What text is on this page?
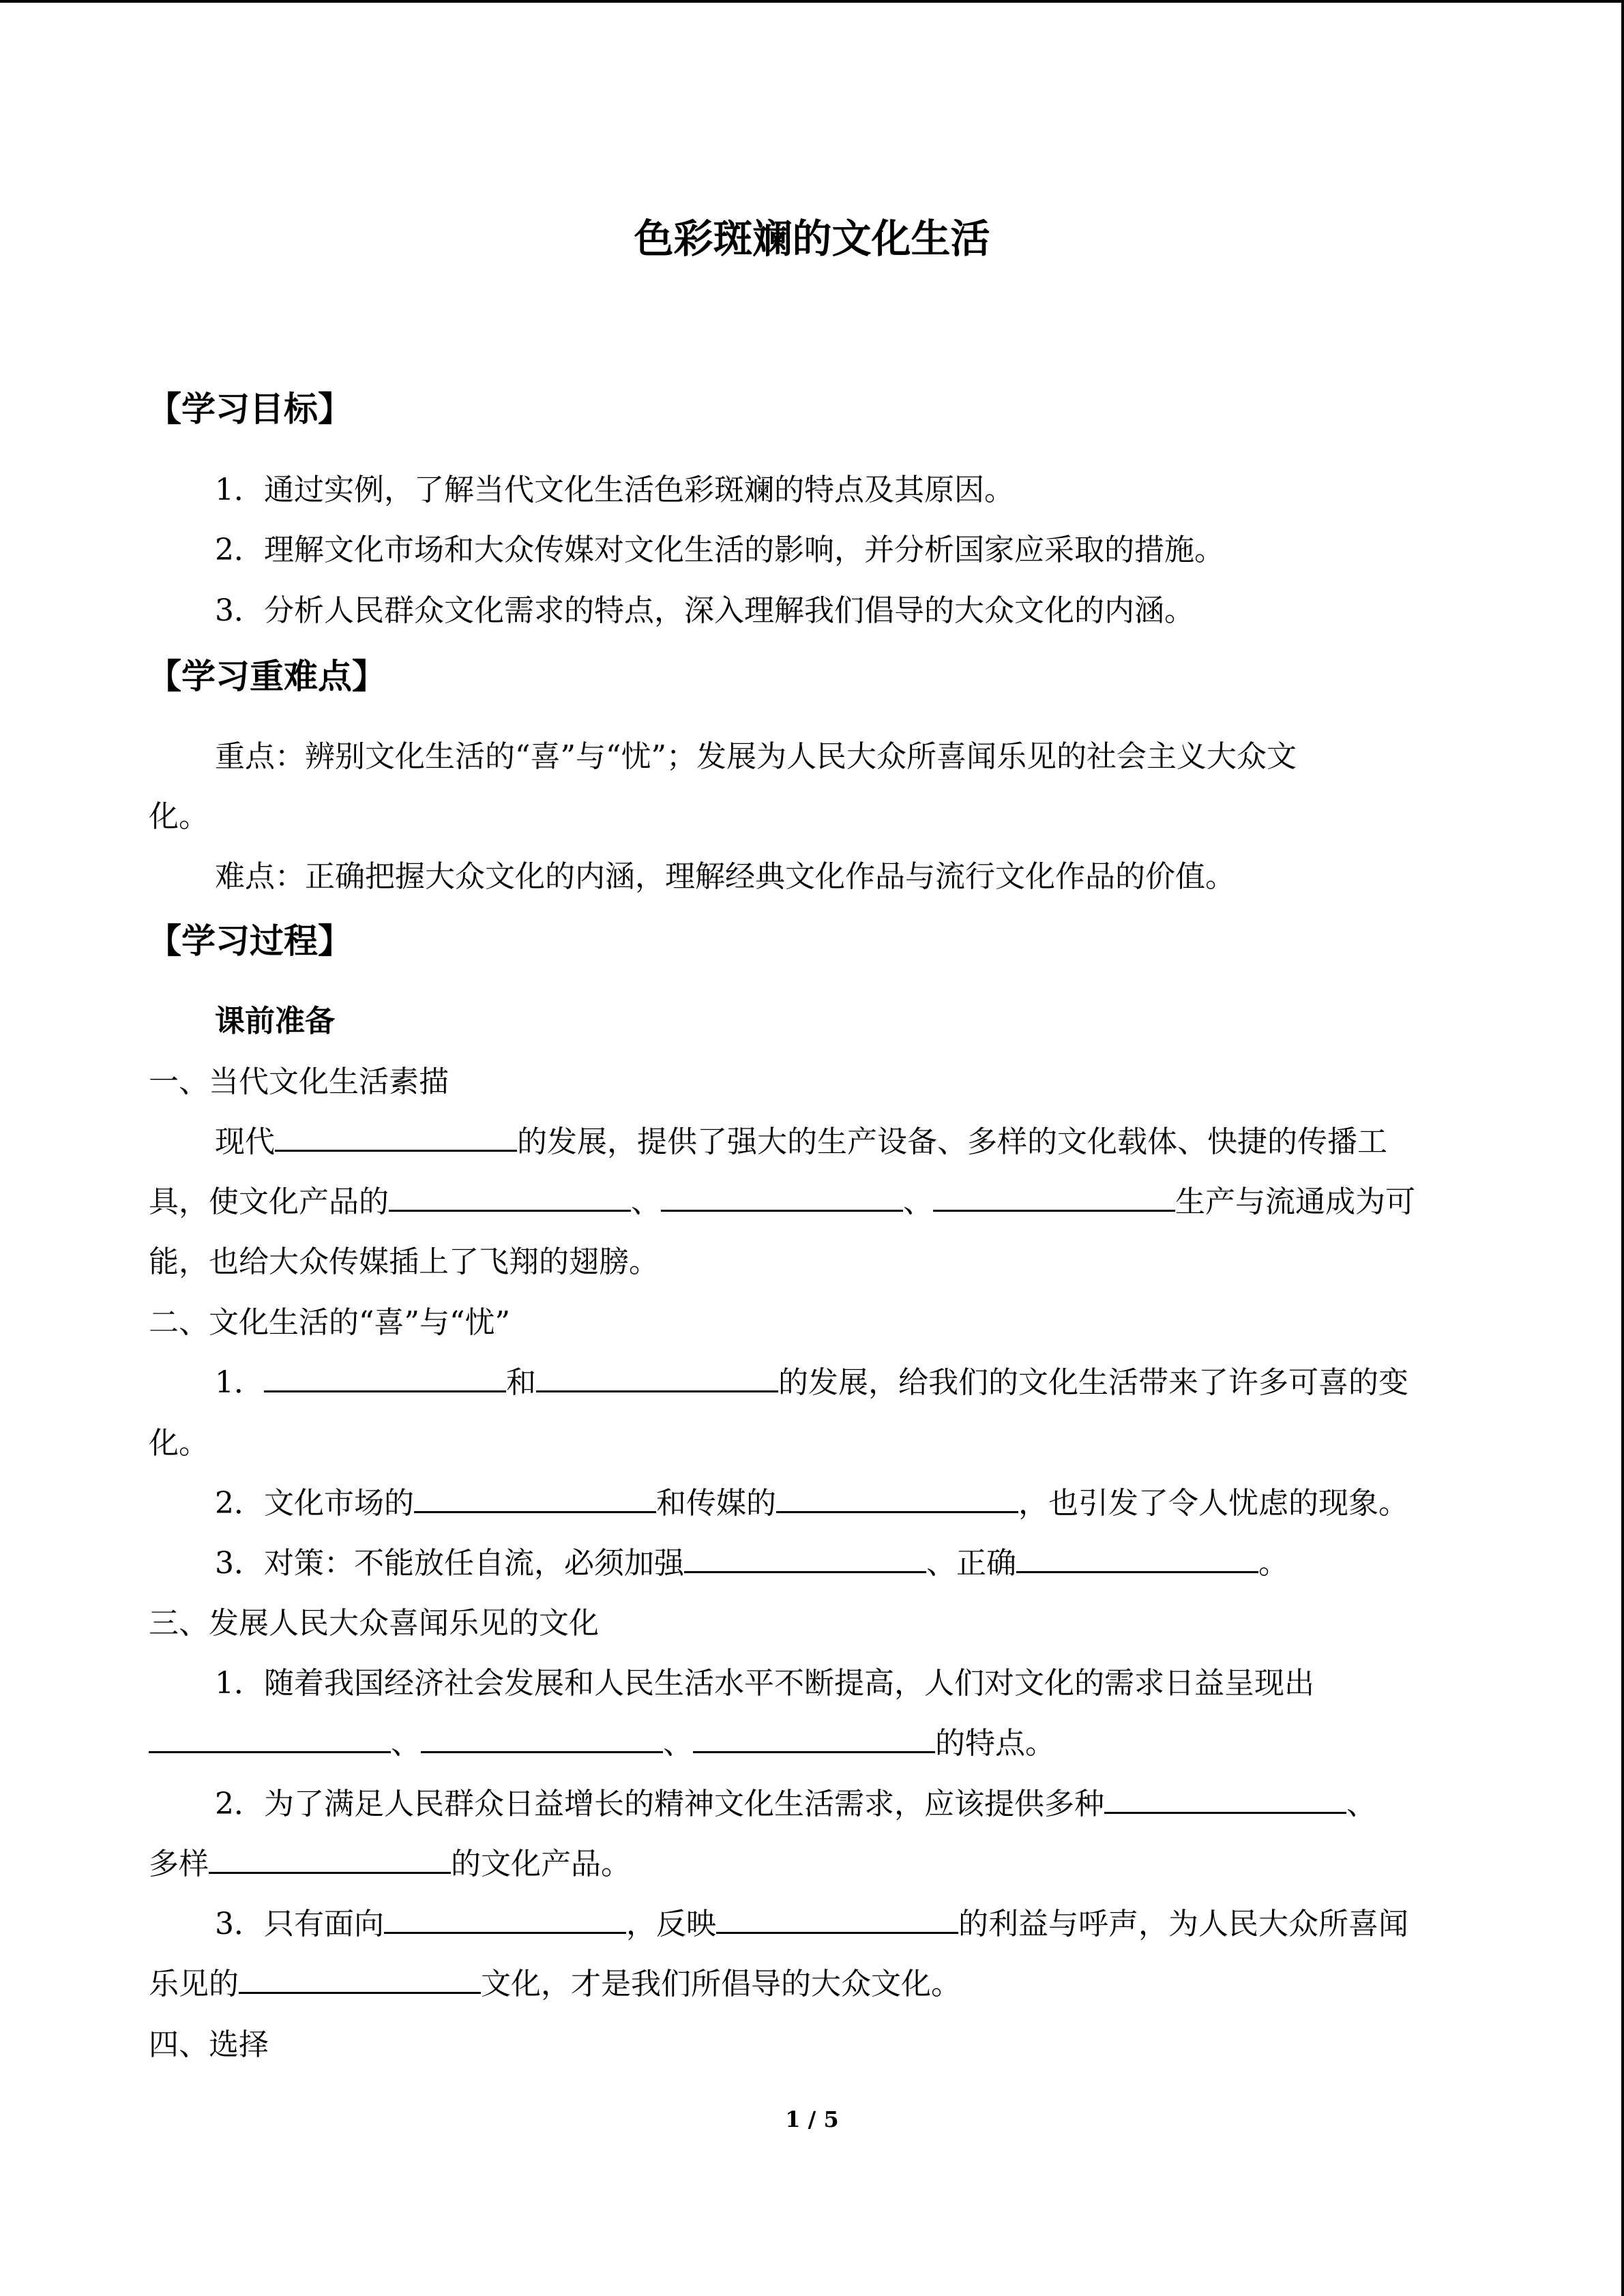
色彩斑斓的文化生活
【学习目标】
1．通过实例，了解当代文化生活色彩斑斓的特点及其原因。
2．理解文化市场和大众传媒对文化生活的影响，并分析国家应采取的措施。
3．分析人民群众文化需求的特点，深入理解我们倡导的大众文化的内涵。
【学习重难点】
重点：辨别文化生活的“喜”与“忧”；发展为人民大众所喜闻乐见的社会主义大众文
化。
难点：正确把握大众文化的内涵，理解经典文化作品与流行文化作品的价值。
【学习过程】
课前准备
一、当代文化生活素描
现代	的发展，提供了强大的生产设备、多样的文化载体、快捷的传播工
具，使文化产品的	、	、	生产与流通成为可
能，也给大众传媒插上了飞翔的翅膀。
二、文化生活的“喜”与“忧”
1．	和	的发展，给我们的文化生活带来了许多可喜的变
化。
2．文化市场的	和传媒的	，也引发了令人忧虑的现象。
3．对策：不能放任自流，必须加强	、正确	。
三、发展人民大众喜闻乐见的文化
1．随着我国经济社会发展和人民生活水平不断提高，人们对文化的需求日益呈现出
、	、	的特点。
2．为了满足人民群众日益增长的精神文化生活需求，应该提供多种	、
多样	的文化产品。
3．只有面向	，反映	的利益与呼声，为人民大众所喜闻
乐见的	文化，才是我们所倡导的大众文化。
四、选择
1 / 5
